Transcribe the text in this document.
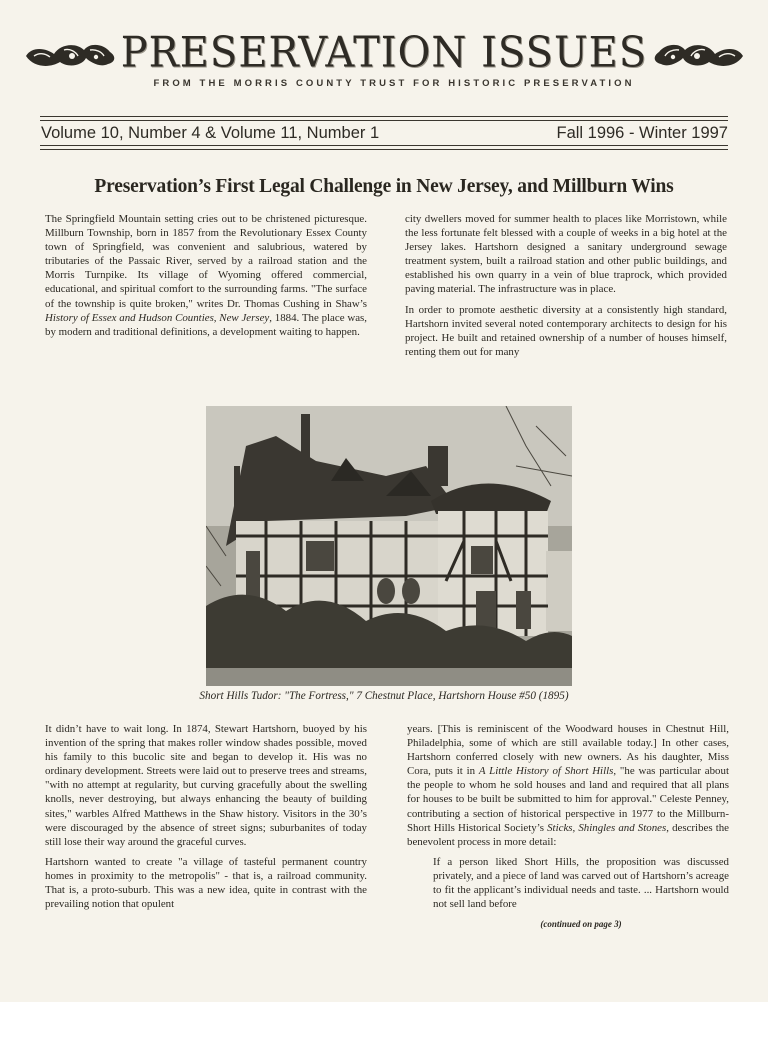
PRESERVATION ISSUES
FROM THE MORRIS COUNTY TRUST FOR HISTORIC PRESERVATION
Volume 10, Number 4 & Volume 11, Number 1	Fall 1996 - Winter 1997
Preservation’s First Legal Challenge in New Jersey, and Millburn Wins

The Springfield Mountain setting cries out to be christened picturesque. Millburn Township, born in 1857 from the Revolutionary Essex County town of Springfield, was convenient and salubrious, watered by tributaries of the Passaic River, served by a railroad station and the Morris Turnpike. Its village of Wyoming offered commercial, educational, and spiritual comfort to the surrounding farms. "The surface of the township is quite broken," writes Dr. Thomas Cushing in Shaw’s History of Essex and Hudson Counties, New Jersey, 1884. The place was, by modern and traditional definitions, a development waiting to happen.

city dwellers moved for summer health to places like Morristown, while the less fortunate felt blessed with a couple of weeks in a big hotel at the Jersey lakes. Hartshorn designed a sanitary underground sewage treatment system, built a railroad station and other public buildings, and established his own quarry in a vein of blue traprock, which provided paving material. The infrastructure was in place.

In order to promote aesthetic diversity at a consistently high standard, Hartshorn invited several noted contemporary architects to design for his project. He built and retained ownership of a number of houses himself, renting them out for many

Short Hills Tudor: "The Fortress," 7 Chestnut Place, Hartshorn House #50 (1895)

It didn’t have to wait long. In 1874, Stewart Hartshorn, buoyed by his invention of the spring that makes roller window shades possible, moved his family to this bucolic site and began to develop it. His was no ordinary development. Streets were laid out to preserve trees and streams, "with no attempt at regularity, but curving gracefully about the swelling knolls, never destroying, but always enhancing the beauty of building sites," warbles Alfred Matthews in the Shaw history. Visitors in the 30’s were discouraged by the absence of street signs; suburbanites of today still lose their way around the graceful curves.

Hartshorn wanted to create "a village of tasteful permanent country homes in proximity to the metropolis" - that is, a railroad community. That is, a proto-suburb. This was a new idea, quite in contrast with the prevailing notion that opulent

years. [This is reminiscent of the Woodward houses in Chestnut Hill, Philadelphia, some of which are still available today.] In other cases, Hartshorn conferred closely with new owners. As his daughter, Miss Cora, puts it in A Little History of Short Hills, "he was particular about the people to whom he sold houses and land and required that all plans for houses to be built be submitted to him for approval." Celeste Penney, contributing a section of historical perspective in 1977 to the Millburn-Short Hills Historical Society’s Sticks, Shingles and Stones, describes the benevolent process in more detail:

If a person liked Short Hills, the proposition was discussed privately, and a piece of land was carved out of Hartshorn’s acreage to fit the applicant’s individual needs and taste. ... Hartshorn would not sell land before

(continued on page 3)
